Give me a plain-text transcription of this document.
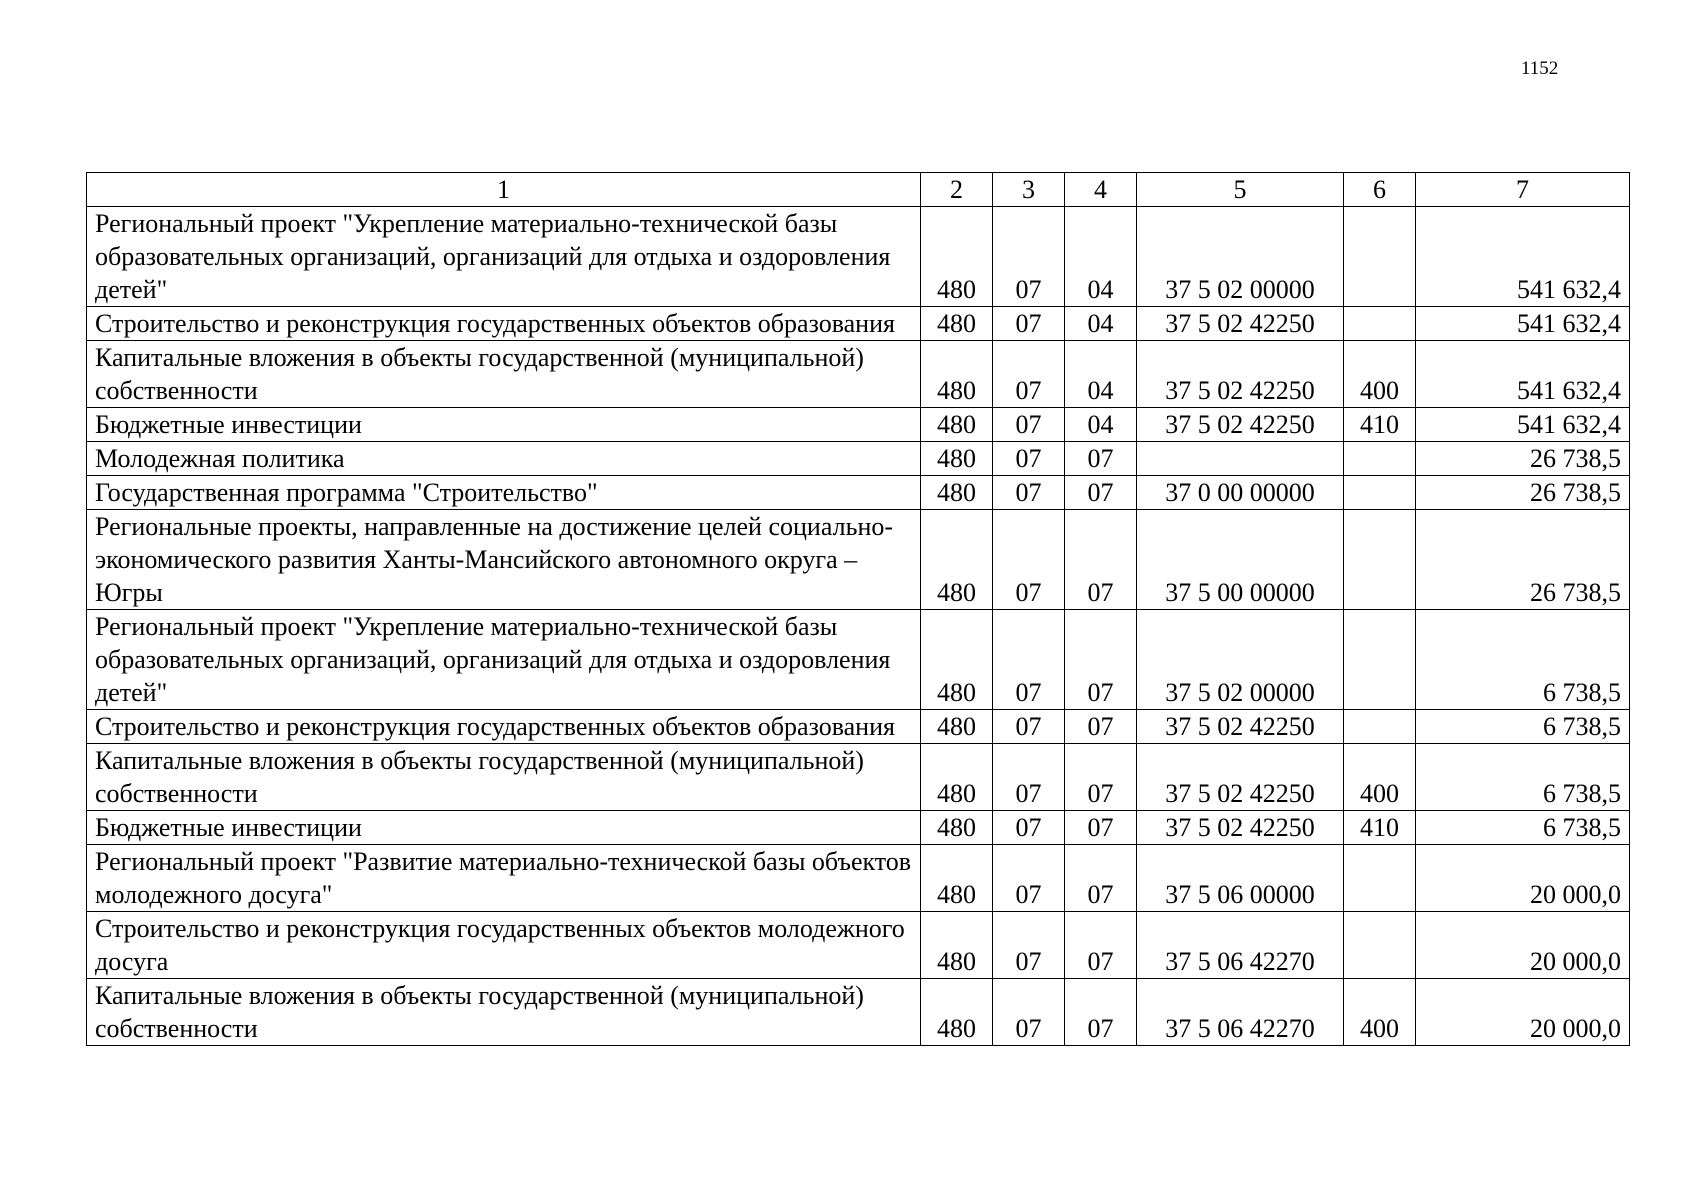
1152
1	2	3	4	5	6	7
Региональный проект "Укрепление материально-технической базы образовательных организаций, организаций для отдыха и оздоровления детей"	480	07	04	37 5 02 00000		541 632,4
Строительство и реконструкция государственных объектов образования	480	07	04	37 5 02 42250		541 632,4
Капитальные вложения в объекты государственной (муниципальной) собственности	480	07	04	37 5 02 42250	400	541 632,4
Бюджетные инвестиции	480	07	04	37 5 02 42250	410	541 632,4
Молодежная политика	480	07	07			26 738,5
Государственная программа "Строительство"	480	07	07	37 0 00 00000		26 738,5
Региональные проекты, направленные на достижение целей социально-экономического развития Ханты-Мансийского автономного округа – Югры	480	07	07	37 5 00 00000		26 738,5
Региональный проект "Укрепление материально-технической базы образовательных организаций, организаций для отдыха и оздоровления детей"	480	07	07	37 5 02 00000		6 738,5
Строительство и реконструкция государственных объектов образования	480	07	07	37 5 02 42250		6 738,5
Капитальные вложения в объекты государственной (муниципальной) собственности	480	07	07	37 5 02 42250	400	6 738,5
Бюджетные инвестиции	480	07	07	37 5 02 42250	410	6 738,5
Региональный проект "Развитие материально-технической базы объектов молодежного досуга"	480	07	07	37 5 06 00000		20 000,0
Строительство и реконструкция государственных объектов молодежного досуга	480	07	07	37 5 06 42270		20 000,0
Капитальные вложения в объекты государственной (муниципальной) собственности	480	07	07	37 5 06 42270	400	20 000,0
